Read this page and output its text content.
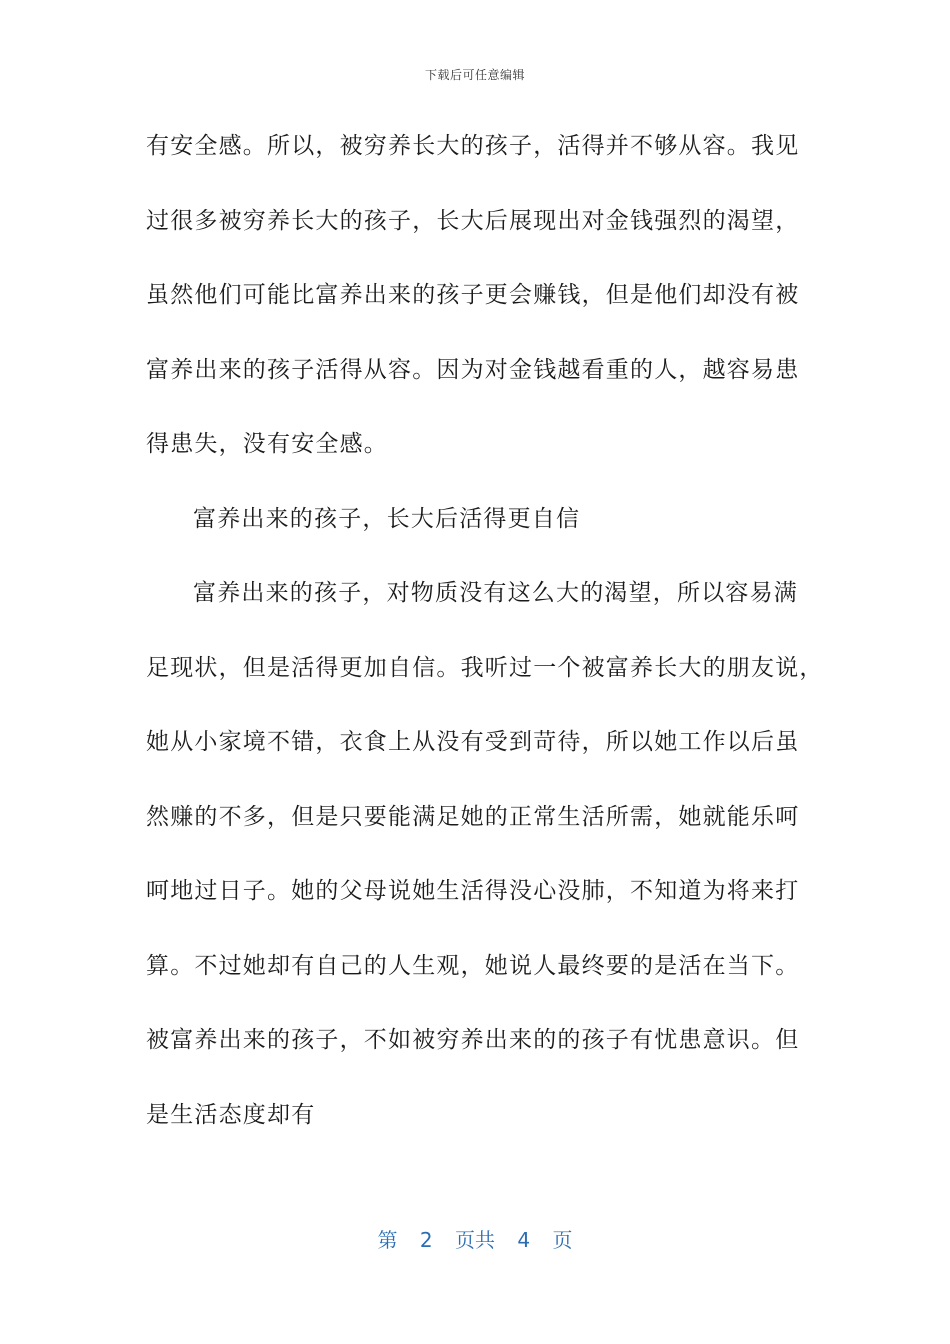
下载后可任意编辑
有安全感。所以，被穷养长大的孩子，活得并不够从容。我见
过很多被穷养长大的孩子，长大后展现出对金钱强烈的渴望，
虽然他们可能比富养出来的孩子更会赚钱，但是他们却没有被
富养出来的孩子活得从容。因为对金钱越看重的人，越容易患
得患失，没有安全感。
富养出来的孩子，长大后活得更自信
富养出来的孩子，对物质没有这么大的渴望，所以容易满
足现状，但是活得更加自信。我听过一个被富养长大的朋友说，
她从小家境不错，衣食上从没有受到苛待，所以她工作以后虽
然赚的不多，但是只要能满足她的正常生活所需，她就能乐呵
呵地过日子。她的父母说她生活得没心没肺，不知道为将来打
算。不过她却有自己的人生观，她说人最终要的是活在当下。
被富养出来的孩子，不如被穷养出来的的孩子有忧患意识。但
是生活态度却有
第 2 页共 4 页
